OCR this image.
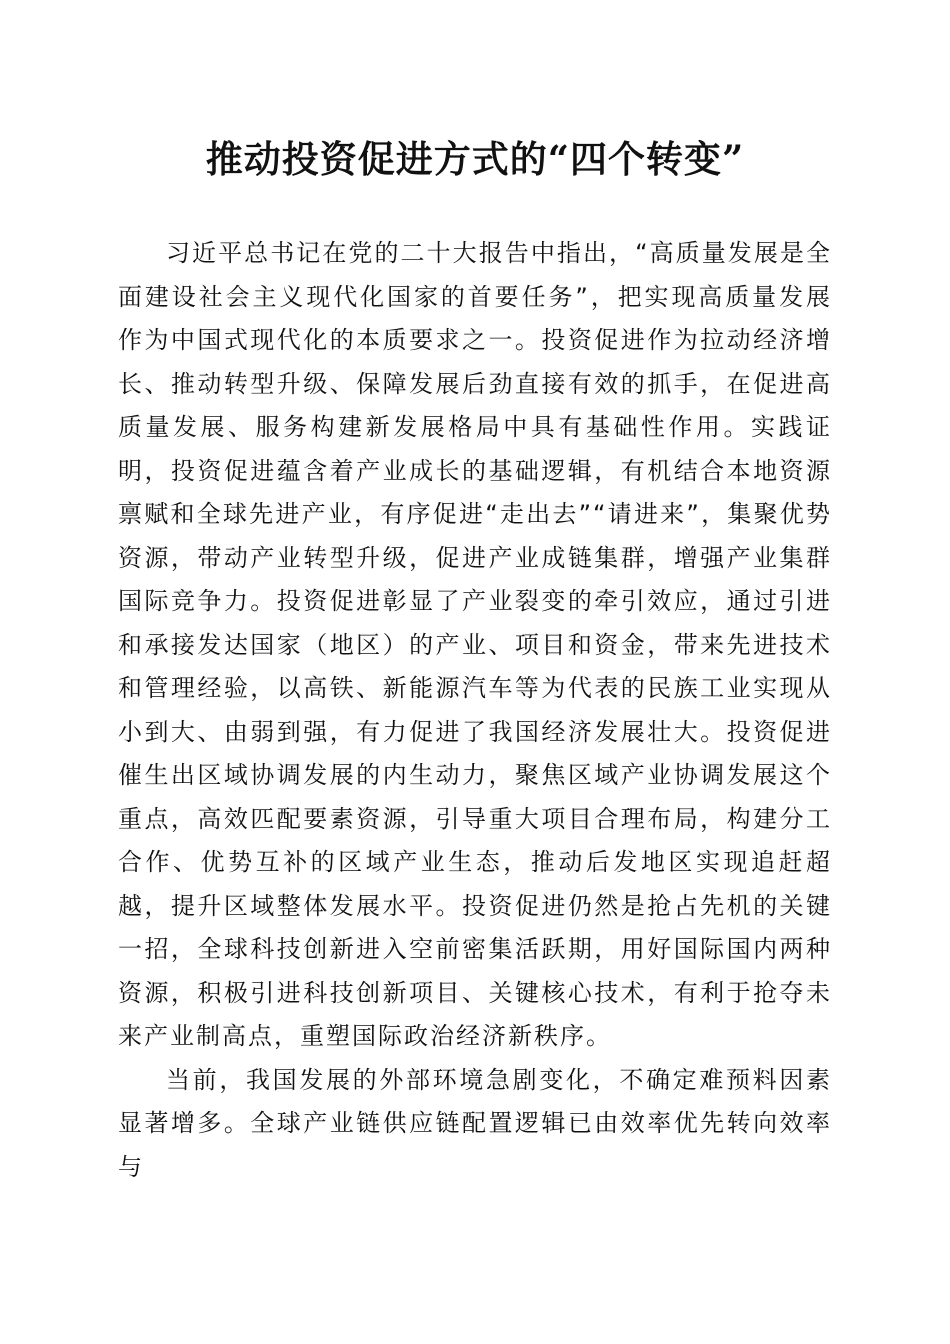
推动投资促进方式的“四个转变”

习近平总书记在党的二十大报告中指出，“高质量发展是全面建设社会主义现代化国家的首要任务”，把实现高质量发展作为中国式现代化的本质要求之一。投资促进作为拉动经济增长、推动转型升级、保障发展后劲直接有效的抓手，在促进高质量发展、服务构建新发展格局中具有基础性作用。实践证明，投资促进蕴含着产业成长的基础逻辑，有机结合本地资源禀赋和全球先进产业，有序促进“走出去”“请进来”，集聚优势资源，带动产业转型升级，促进产业成链集群，增强产业集群国际竞争力。投资促进彰显了产业裂变的牵引效应，通过引进和承接发达国家（地区）的产业、项目和资金，带来先进技术和管理经验，以高铁、新能源汽车等为代表的民族工业实现从小到大、由弱到强，有力促进了我国经济发展壮大。投资促进催生出区域协调发展的内生动力，聚焦区域产业协调发展这个重点，高效匹配要素资源，引导重大项目合理布局，构建分工合作、优势互补的区域产业生态，推动后发地区实现追赶超越，提升区域整体发展水平。投资促进仍然是抢占先机的关键一招，全球科技创新进入空前密集活跃期，用好国际国内两种资源，积极引进科技创新项目、关键核心技术，有利于抢夺未来产业制高点，重塑国际政治经济新秩序。

当前，我国发展的外部环境急剧变化，不确定难预料因素显著增多。全球产业链供应链配置逻辑已由效率优先转向效率与
